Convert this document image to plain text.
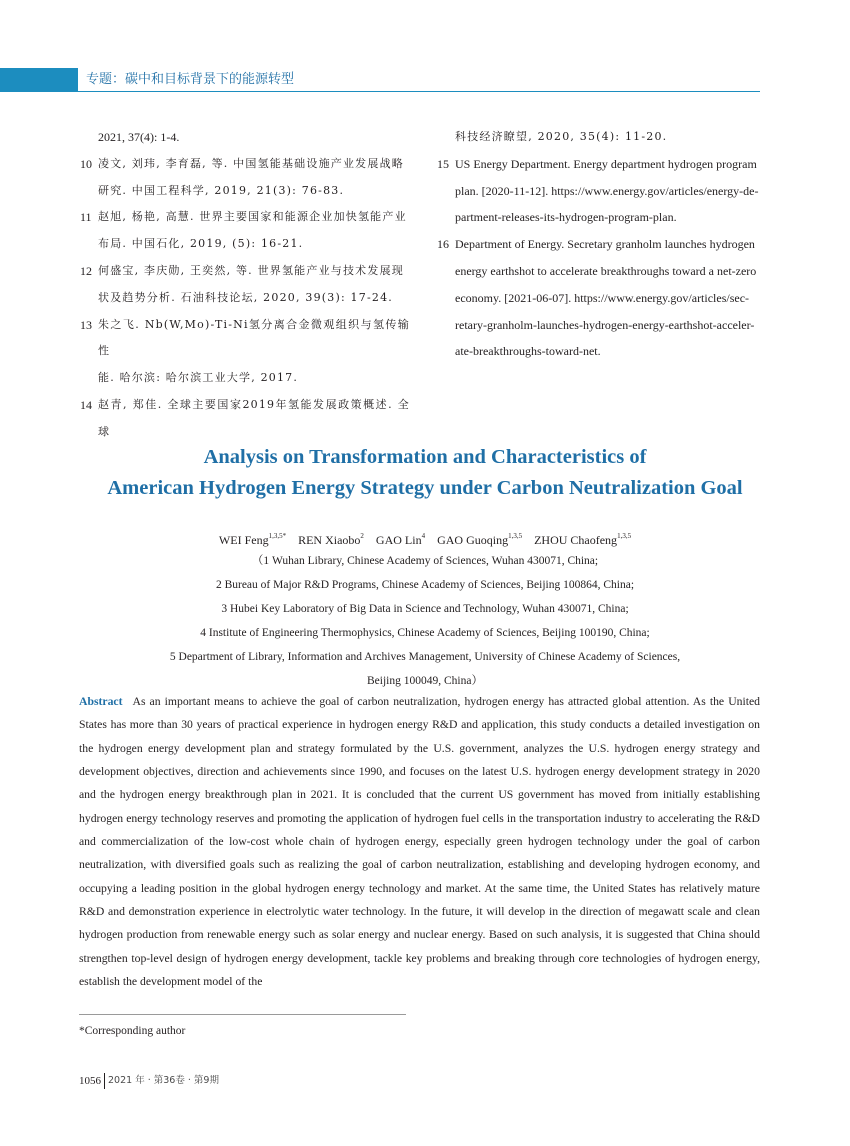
专题：碳中和目标背景下的能源转型
2021, 37(4): 1-4.
10 凌文, 刘玮, 李育磊, 等. 中国氢能基础设施产业发展战略
研究. 中国工程科学, 2019, 21(3): 76-83.
11 赵旭, 杨艳, 高慧. 世界主要国家和能源企业加快氢能产业
布局. 中国石化, 2019, (5): 16-21.
12 何盛宝, 李庆勋, 王奕然, 等. 世界氢能产业与技术发展现
状及趋势分析. 石油科技论坛, 2020, 39(3): 17-24.
13 朱之飞. Nb(W,Mo)-Ti-Ni氢分离合金微观组织与氢传输性
能. 哈尔滨: 哈尔滨工业大学, 2017.
14 赵青, 郑佳. 全球主要国家2019年氢能发展政策概述. 全球
科技经济瞭望, 2020, 35(4): 11-20.
15 US Energy Department. Energy department hydrogen program
plan. [2020-11-12]. https://www.energy.gov/articles/energy-de-
partment-releases-its-hydrogen-program-plan.
16 Department of Energy. Secretary granholm launches hydrogen
energy earthshot to accelerate breakthroughs toward a net-zero
economy. [2021-06-07]. https://www.energy.gov/articles/sec-
retary-granholm-launches-hydrogen-energy-earthshot-acceler-
ate-breakthroughs-toward-net.
Analysis on Transformation and Characteristics of
American Hydrogen Energy Strategy under Carbon Neutralization Goal
WEI Feng$^{1,3,5*}$ REN Xiaobo$^2$ GAO Lin$^4$ GAO Guoqing$^{1,3,5}$ ZHOU Chaofeng$^{1,3,5}$
（1 Wuhan Library, Chinese Academy of Sciences, Wuhan 430071, China;
2 Bureau of Major R&D Programs, Chinese Academy of Sciences, Beijing 100864, China;
3 Hubei Key Laboratory of Big Data in Science and Technology, Wuhan 430071, China;
4 Institute of Engineering Thermophysics, Chinese Academy of Sciences, Beijing 100190, China;
5 Department of Library, Information and Archives Management, University of Chinese Academy of Sciences,
Beijing 100049, China）
Abstract As an important means to achieve the goal of carbon neutralization, hydrogen energy has attracted global attention. As the United States has more than 30 years of practical experience in hydrogen energy R&D and application, this study conducts a detailed investigation on the hydrogen energy development plan and strategy formulated by the U.S. government, analyzes the U.S. hydrogen energy strategy and development objectives, direction and achievements since 1990, and focuses on the latest U.S. hydrogen energy development strategy in 2020 and the hydrogen energy breakthrough plan in 2021. It is concluded that the current US government has moved from initially establishing hydrogen energy technology reserves and promoting the application of hydrogen fuel cells in the transportation industry to accelerating the R&D and commercialization of the low-cost whole chain of hydrogen energy, especially green hydrogen technology under the goal of carbon neutralization, with diversified goals such as realizing the goal of carbon neutralization, establishing and developing hydrogen economy, and occupying a leading position in the global hydrogen energy technology and market. At the same time, the United States has relatively mature R&D and demonstration experience in electrolytic water technology. In the future, it will develop in the direction of megawatt scale and clean hydrogen production from renewable energy such as solar energy and nuclear energy. Based on such analysis, it is suggested that China should strengthen top-level design of hydrogen energy development, tackle key problems and breaking through core technologies of hydrogen energy, establish the development model of the
*Corresponding author
1056 2021 年 · 第36卷 · 第9期
